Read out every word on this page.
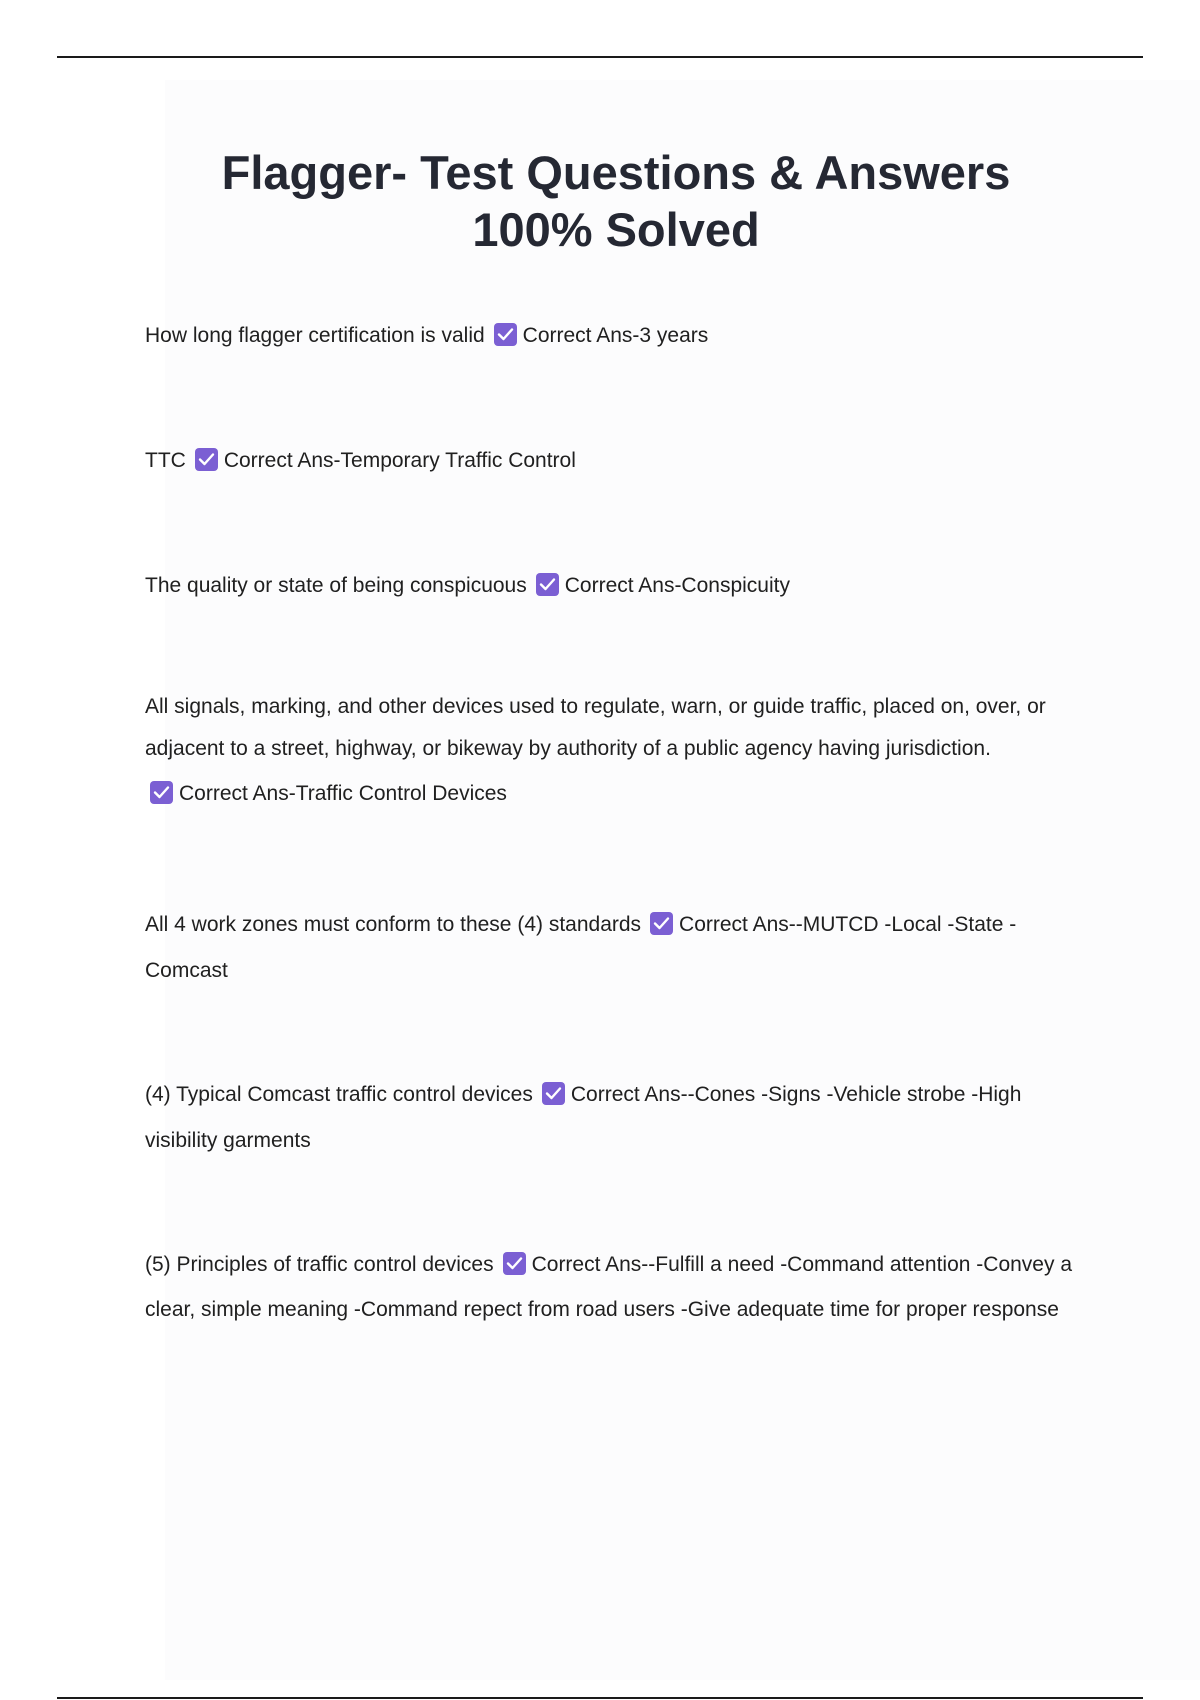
Flagger- Test Questions & Answers
100% Solved
How long flagger certification is valid Correct Ans-3 years
TTC Correct Ans-Temporary Traffic Control
The quality or state of being conspicuous Correct Ans-Conspicuity
All signals, marking, and other devices used to regulate, warn, or guide traffic, placed on, over, or adjacent to a street, highway, or bikeway by authority of a public agency having jurisdiction.
Correct Ans-Traffic Control Devices
All 4 work zones must conform to these (4) standards Correct Ans--MUTCD -Local -State -Comcast
(4) Typical Comcast traffic control devices Correct Ans--Cones -Signs -Vehicle strobe -High visibility garments
(5) Principles of traffic control devices Correct Ans--Fulfill a need -Command attention -Convey a clear, simple meaning -Command repect from road users -Give adequate time for proper response
